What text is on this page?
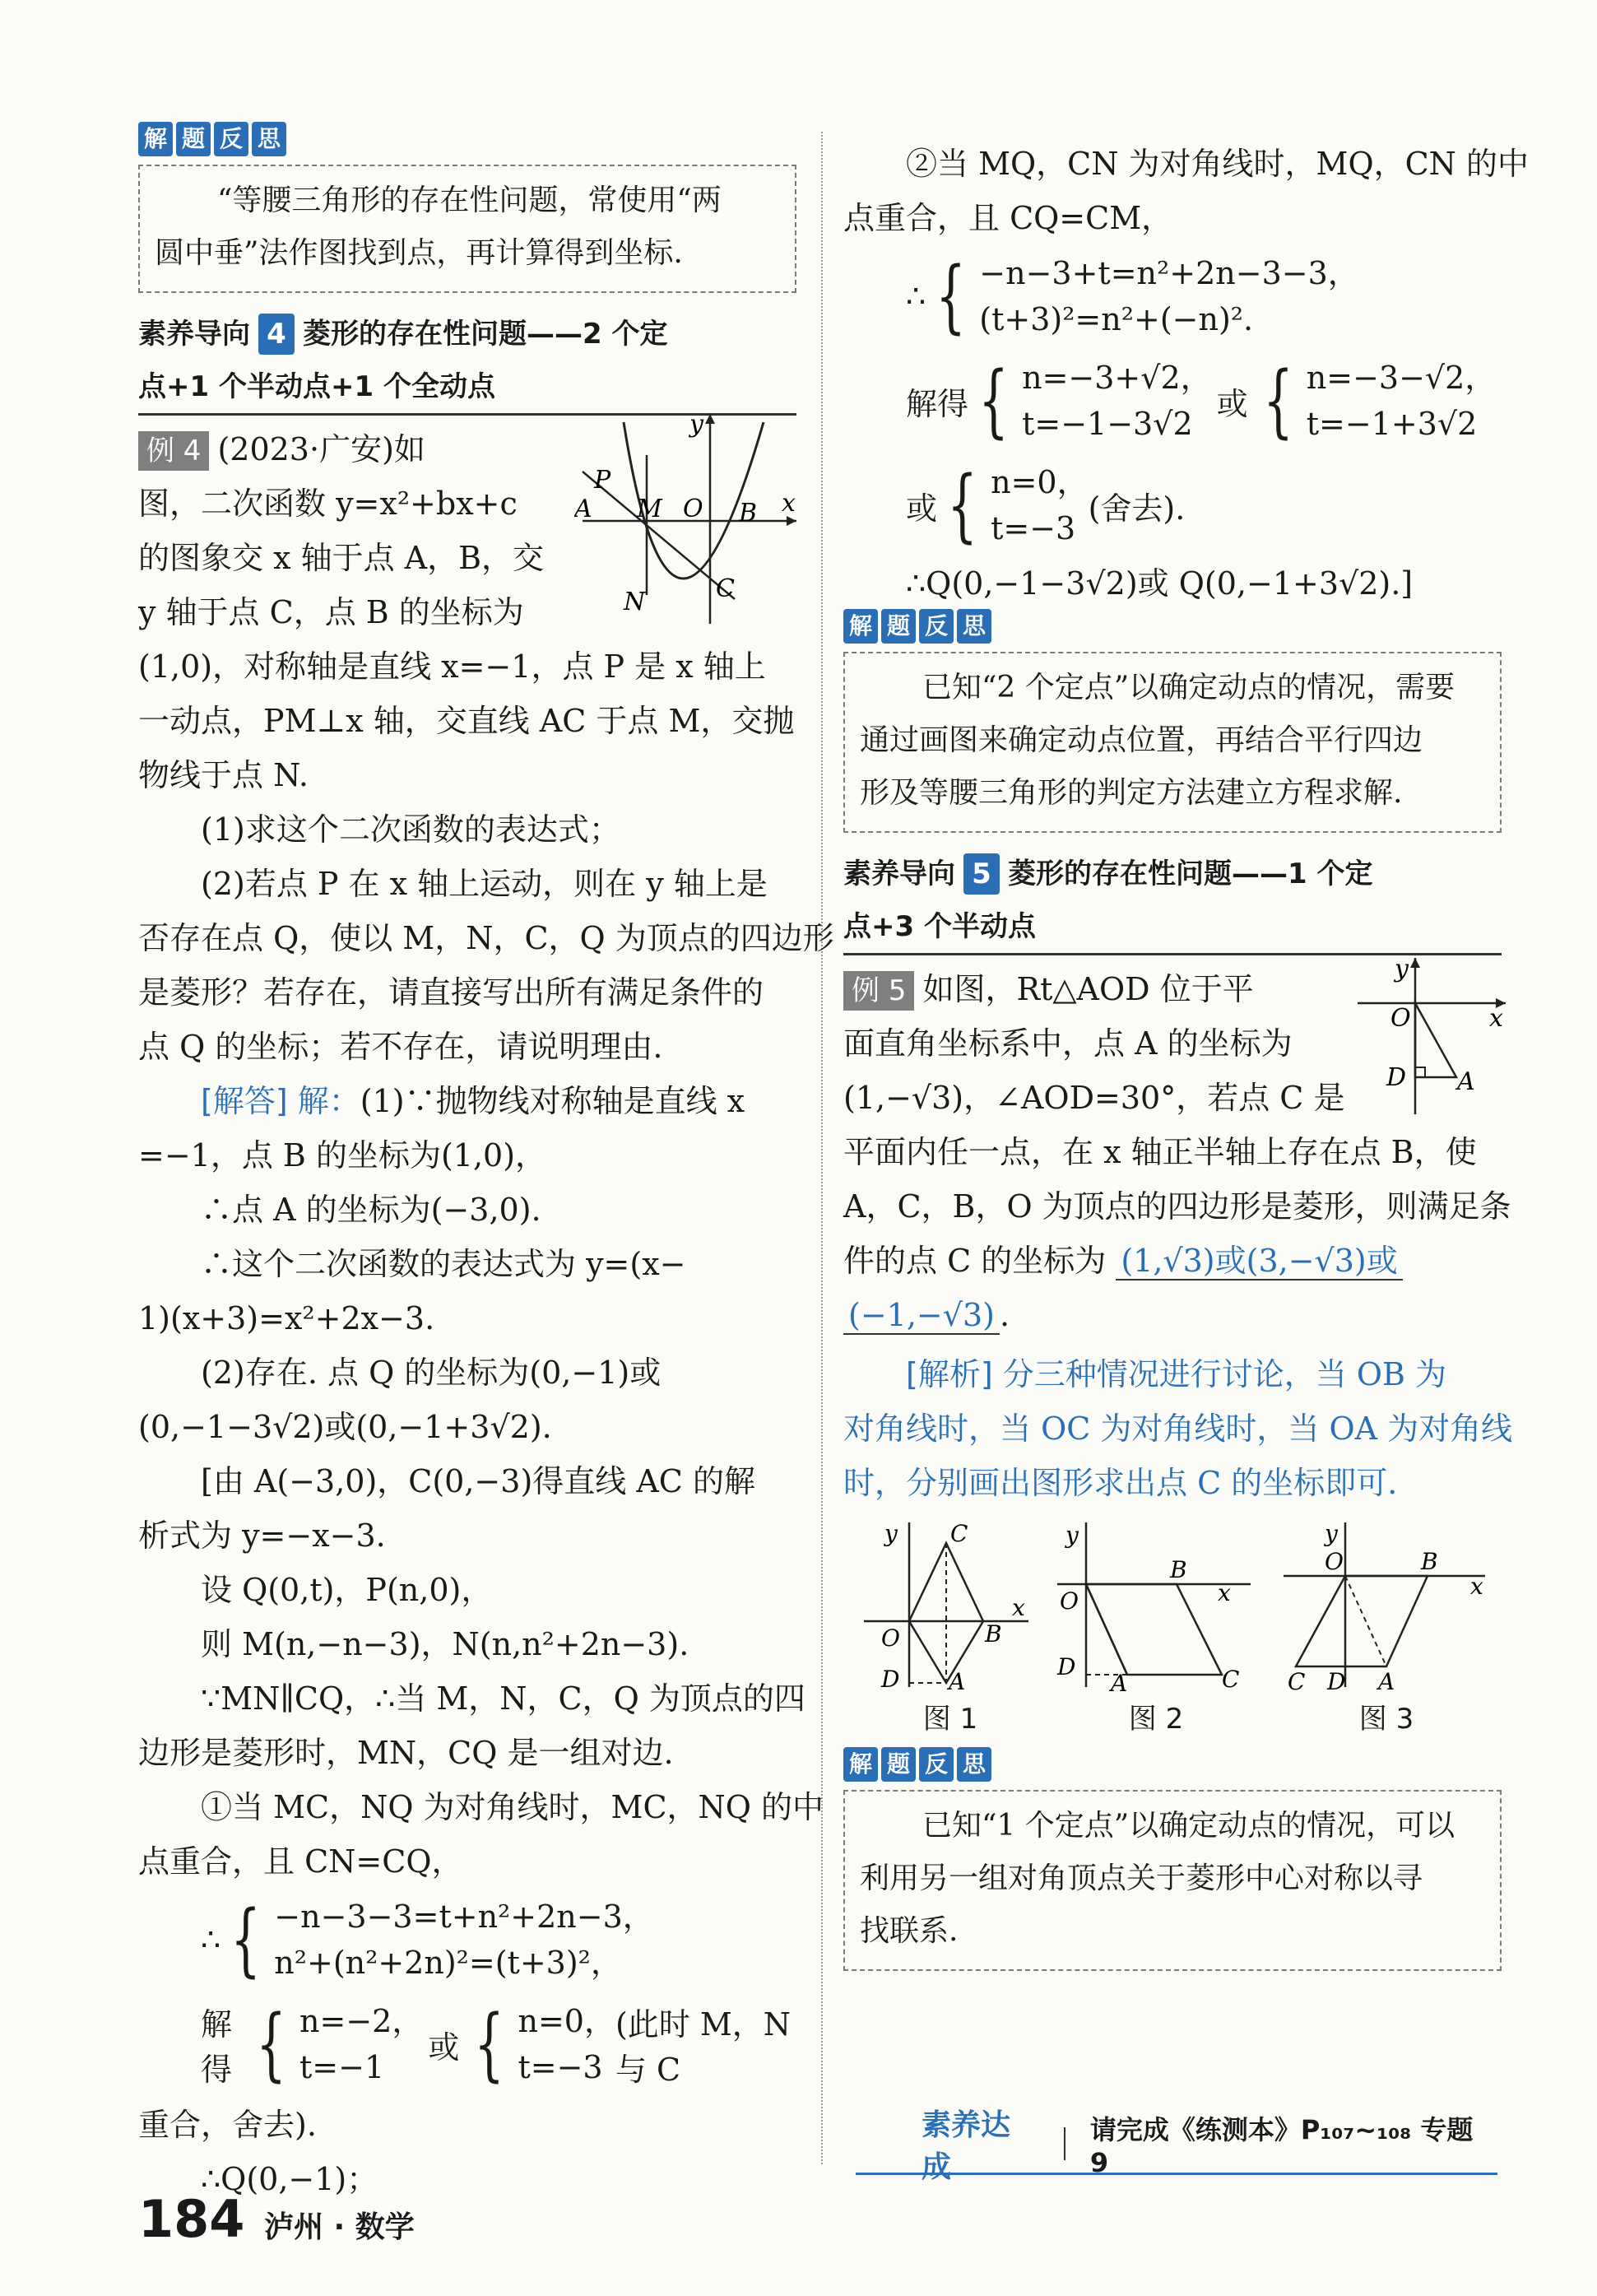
解 题 反 思
“等腰三角形的存在性问题，常使用“两
圆中垂”法作图找到点，再计算得到坐标.
素养导向 4 菱形的存在性问题——2 个定
点+1 个半动点+1 个全动点
例 4 (2023·广安)如
图，二次函数 y=x²+bx+c
的图象交 x 轴于点 A，B，交
y 轴于点 C，点 B 的坐标为
(1,0)，对称轴是直线 x=−1，点 P 是 x 轴上
一动点，PM⊥x 轴，交直线 AC 于点 M，交抛
物线于点 N.
(1)求这个二次函数的表达式；
(2)若点 P 在 x 轴上运动，则在 y 轴上是
否存在点 Q，使以 M，N，C，Q 为顶点的四边形
是菱形？若存在，请直接写出所有满足条件的
点 Q 的坐标；若不存在，请说明理由.
P
A M O B x
y
N	C
[解答] 解：(1)∵抛物线对称轴是直线 x
=−1，点 B 的坐标为(1,0)，
∴点 A 的坐标为(−3,0).
∴这个二次函数的表达式为 y=(x−
1)(x+3)=x²+2x−3.
(2)存在. 点 Q 的坐标为(0,−1)或
(0,−1−3√2)或(0,−1+3√2).
[由 A(−3,0)，C(0,−3)得直线 AC 的解
析式为 y=−x−3.
设 Q(0,t)，P(n,0)，
则 M(n,−n−3)，N(n,n²+2n−3).
∵MN∥CQ，∴当 M，N，C，Q 为顶点的四
边形是菱形时，MN，CQ 是一组对边.
①当 MC，NQ 为对角线时，MC，NQ 的中
点重合，且 CN=CQ，
∴ { −n−3−3=t+n²+2n−3，
n²+(n²+2n)²=(t+3)²，
解得 { n=−2，
t=−1
或 { n=0，
t=−3
(此时 M，N 与 C
重合，舍去).
∴Q(0,−1)；
②当 MQ，CN 为对角线时，MQ，CN 的中
点重合，且 CQ=CM，
∴ { −n−3+t=n²+2n−3−3，
(t+3)²=n²+(−n)².
解得 { n=−3+√2，
t=−1−3√2
或 { n=−3−√2，
t=−1+3√2
或 { n=0，
t=−3
(舍去).
∴Q(0,−1−3√2)或 Q(0,−1+3√2).]
解 题 反 思
已知“2 个定点”以确定动点的情况，需要
通过画图来确定动点位置，再结合平行四边
形及等腰三角形的判定方法建立方程求解.
素养导向 5 菱形的存在性问题——1 个定
点+3 个半动点
例 5 如图，Rt△AOD 位于平
面直角坐标系中，点 A 的坐标为
(1,−√3)，∠AOD=30°，若点 C 是
平面内任一点，在 x 轴正半轴上存在点 B，使
A，C，B，O 为顶点的四边形是菱形，则满足条
件的点 C 的坐标为 (1,√3)或(3,−√3)或
(−1,−√3) .
y
O	x
D A
[解析] 分三种情况进行讨论，当 OB 为
对角线时，当 OC 为对角线时，当 OA 为对角线
时，分别画出图形求出点 C 的坐标即可.
y C
O	B
x
D A
图 1
y
O
B
x
D
A	C
图 2
y
O	B
x
C D A
图 3
解 题 反 思
已知“1 个定点”以确定动点的情况，可以
利用另一组对角顶点关于菱形中心对称以寻
找联系.
素养达成
请完成《练测本》P₁₀₇~₁₀₈ 专题 9
184 泸州 · 数学
